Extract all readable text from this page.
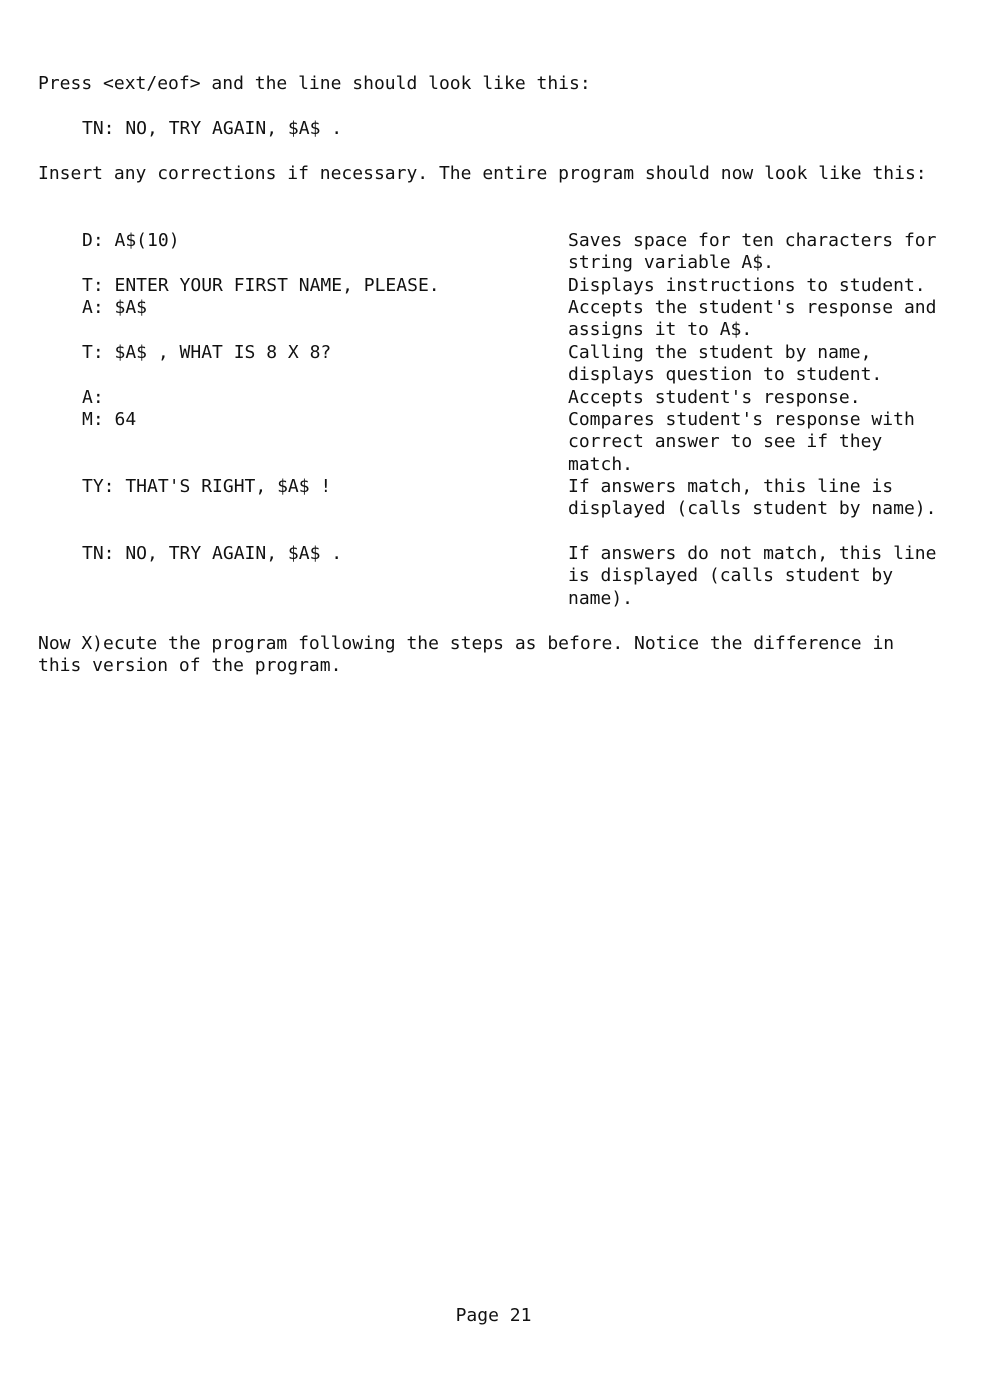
Press <ext/eof> and the line should look like this:

TN: NO, TRY AGAIN, $A$ .

Insert any corrections if necessary. The entire program should now look like this:

D: A$(10)	Saves space for ten characters for string variable A$.
T: ENTER YOUR FIRST NAME, PLEASE.	Displays instructions to student.
A: $A$	Accepts the student's response and assigns it to A$.
T: $A$ , WHAT IS 8 X 8?	Calling the student by name, displays question to student.
A:	Accepts student's response.
M: 64	Compares student's response with correct answer to see if they match.
TY: THAT'S RIGHT, $A$ !	If answers match, this line is displayed (calls student by name).
TN: NO, TRY AGAIN, $A$ .	If answers do not match, this line is displayed (calls student by name).

Now X)ecute the program following the steps as before. Notice the difference in this version of the program.

Page 21
